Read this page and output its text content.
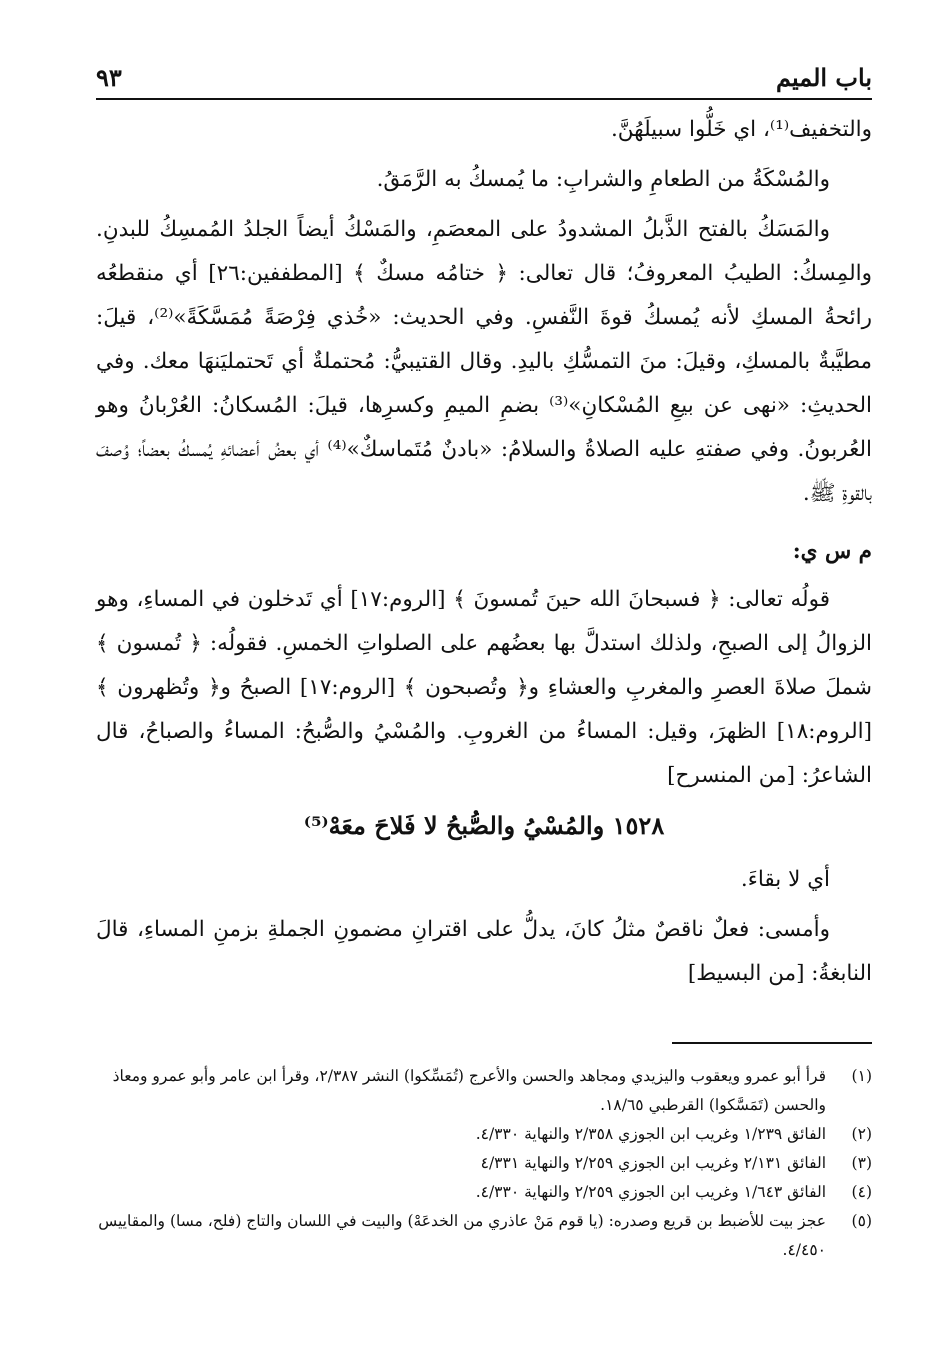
باب الميم
٩٣

والتخفيف⁽¹⁾، اي خَلُّوا سبيلَهُنَّ.

والمُسْكَةُ من الطعامِ والشرابِ: ما يُمسكُ به الرَّمَقُ.

والمَسَكُ بالفتح الذَّبلُ المشدودُ على المعصَمِ، والمَسْكُ أيضاً الجلدُ المُمسِكُ للبدنِ. والمِسكُ: الطيبُ المعروفُ؛ قال تعالى: ﴿ ختامُه مسكٌ ﴾ [المطففين:٢٦] أي منقطعُه رائحةُ المسكِ لأنه يُمسكُ قوةَ النَّفسِ. وفي الحديث: «خُذي فِرْصَةً مُمَسَّكَةً»⁽²⁾، قيلَ: مطيَّبةٌ بالمسكِ، وقيلَ: منَ التمسُّكِ باليدِ. وقال القتيبيُّ: مُحتملةٌ أي تَحتمليَنهَا معك. وفي الحديثِ: «نهى عن بيعِ المُسْكانِ»⁽³⁾ بضمِ الميمِ وكسرِها، قيلَ: المُسكانُ: العُرْبانُ وهو العُربونُ. وفي صفتهِ عليه الصلاةُ والسلامُ: «بادنٌ مُتَماسكٌ»⁽⁴⁾ أي بعضُ أعضائهِ يُمسكُ بعضاً؛ وُصفَ بالقوةِ ﷺ.

م س ي:

قولُه تعالى: ﴿ فسبحانَ الله حينَ تُمسونَ ﴾ [الروم:١٧] أي تَدخلون في المساءِ، وهو الزوالُ إلى الصبحِ، ولذلك استدلَّ بها بعضُهم على الصلواتِ الخمسِ. فقولُه: ﴿ تُمسون ﴾ شملَ صلاةَ العصرِ والمغربِ والعشاءِ و﴿ وتُصبحون ﴾ [الروم:١٧] الصبحُ و﴿ وتُظهرون ﴾ [الروم:١٨] الظهرَ، وقيل: المساءُ من الغروبِ. والمُسْيُ والصُّبحُ: المساءُ والصباحُ، قال الشاعرُ: [من المنسرح]

١٥٢٨ والمُسْيُ والصُّبحُ لا فَلاحَ معَهْ⁽⁵⁾

أي لا بقاءَ.

وأمسى: فعلٌ ناقصٌ مثلُ كانَ، يدلُّ على اقترانِ مضمونِ الجملةِ بزمنِ المساءِ، قالَ النابغةُ: [من البسيط]

(١)
قرأ أبو عمرو ويعقوب واليزيدي ومجاهد والحسن والأعرج (تُمَسِّكوا) النشر ٢/٣٨٧، وقرأ ابن عامر وأبو عمرو ومعاذ والحسن (تَمَسَّكوا) القرطبي ١٨/٦٥.
(٢)
الفائق ١/٢٣٩ وغريب ابن الجوزي ٢/٣٥٨ والنهاية ٤/٣٣٠.
(٣)
الفائق ٢/١٣١ وغريب ابن الجوزي ٢/٢٥٩ والنهاية ٤/٣٣١
(٤)
الفائق ١/٦٤٣ وغريب ابن الجوزي ٢/٢٥٩ والنهاية ٤/٣٣٠.
(٥)
عجز بيت للأضبط بن قريع وصدره: (يا قوم مَنْ عاذري من الخدعَهْ) والبيت في اللسان والتاج (فلح، مسا) والمقاييس ٤/٤٥٠.
